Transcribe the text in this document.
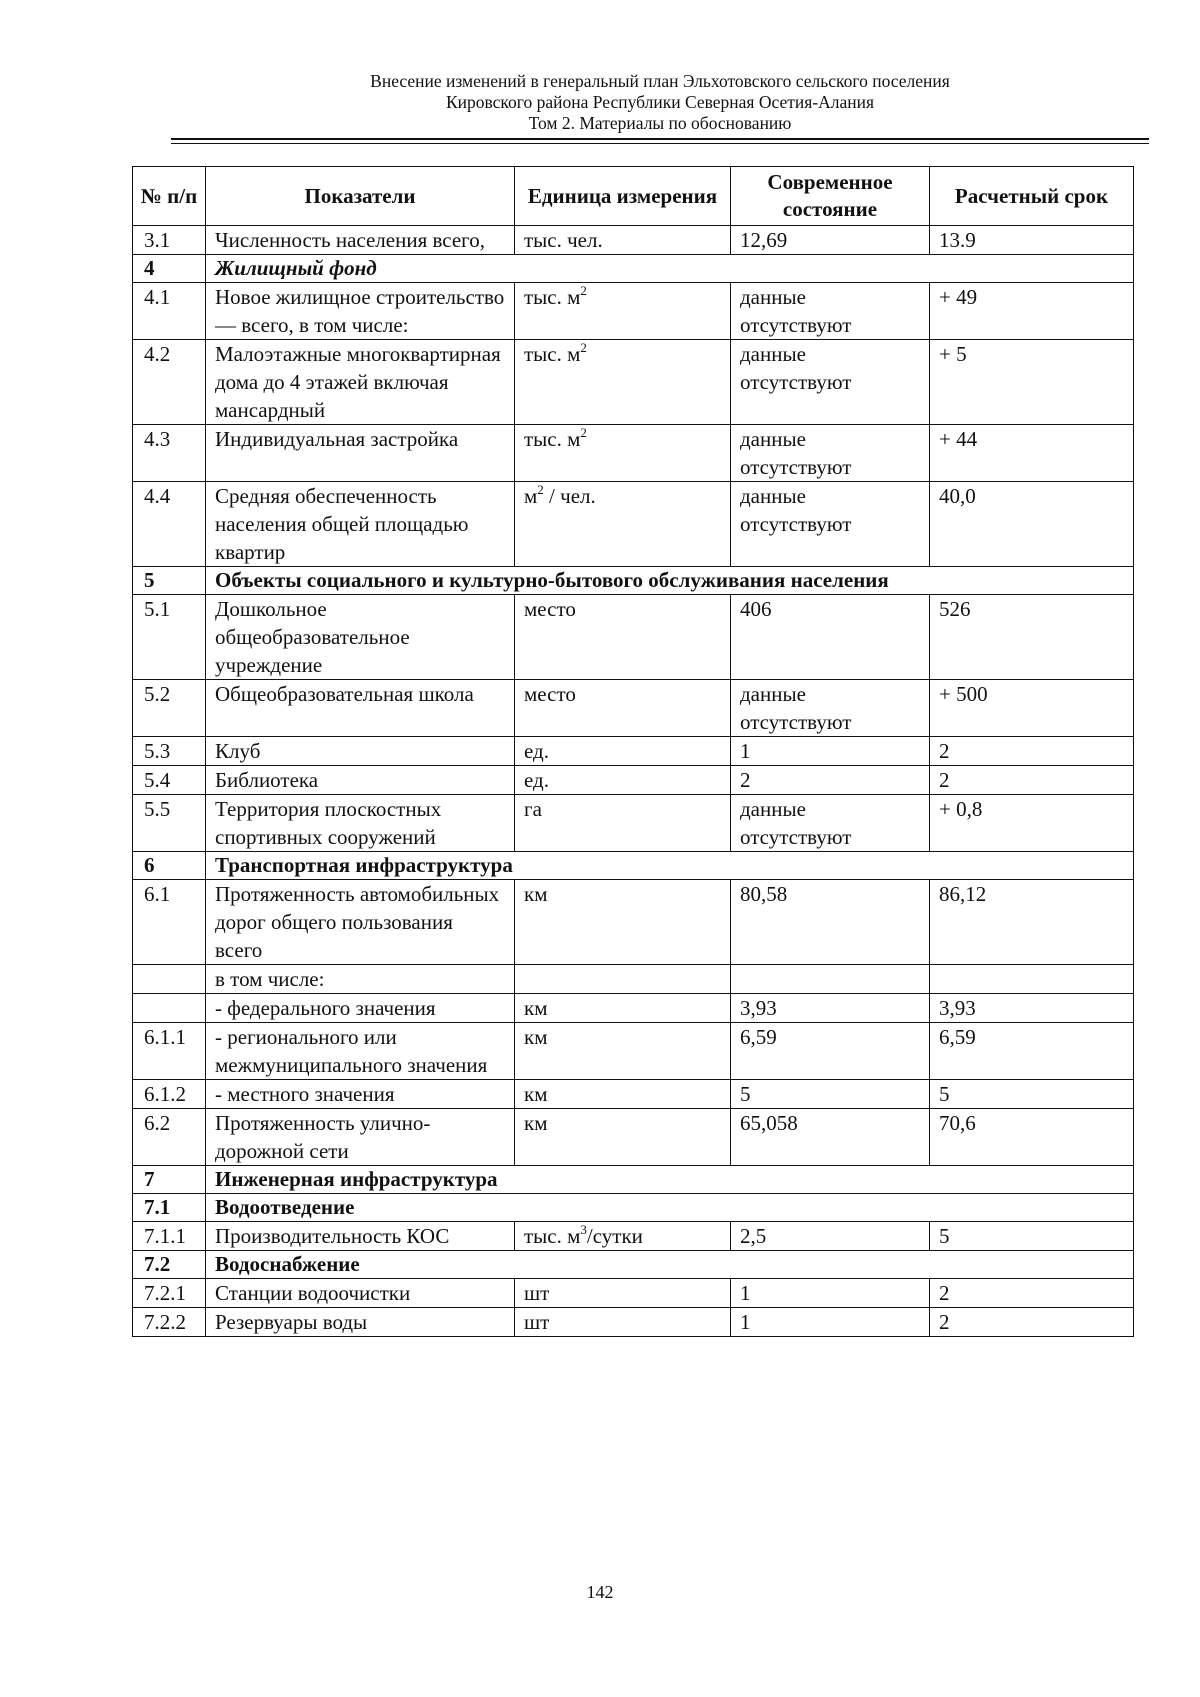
Внесение изменений в генеральный план Эльхотовского сельского поселения
Кировского района Республики Северная Осетия-Алания
Том 2. Материалы по обоснованию
№ п/п	Показатели	Единица измерения	Современное состояние	Расчетный срок
3.1	Численность населения всего,	тыс. чел.	12,69	13.9
4	Жилищный фонд			
4.1	Новое жилищное строительство — всего, в том числе:	тыс. $м^2$	данные отсутствуют	+ 49
4.2	Малоэтажные многоквартирная дома до 4 этажей включая мансардный	тыс. $м^2$	данные отсутствуют	+ 5
4.3	Индивидуальная застройка	тыс. $м^2$	данные отсутствуют	+ 44
4.4	Средняя обеспеченность населения общей площадью квартир	$м^2$ / чел.	данные отсутствуют	40,0
5	Объекты социального и культурно-бытового обслуживания населения			
5.1	Дошкольное общеобразовательное учреждение	место	406	526
5.2	Общеобразовательная школа	место	данные отсутствуют	+ 500
5.3	Клуб	ед.	1	2
5.4	Библиотека	ед.	2	2
5.5	Территория плоскостных спортивных сооружений	га	данные отсутствуют	+ 0,8
6	Транспортная инфраструктура			
6.1	Протяженность автомобильных дорог общего пользования всего	км	80,58	86,12
	в том числе:			
	- федерального значения	км	3,93	3,93
6.1.1	- регионального или межмуниципального значения	км	6,59	6,59
6.1.2	- местного значения	км	5	5
6.2	Протяженность улично-дорожной сети	км	65,058	70,6
7	Инженерная инфраструктура			
7.1	Водоотведение			
7.1.1	Производительность КОС	тыс. $м^3$/сутки	2,5	5
7.2	Водоснабжение			
7.2.1	Станции водоочистки	шт	1	2
7.2.2	Резервуары воды	шт	1	2
142
